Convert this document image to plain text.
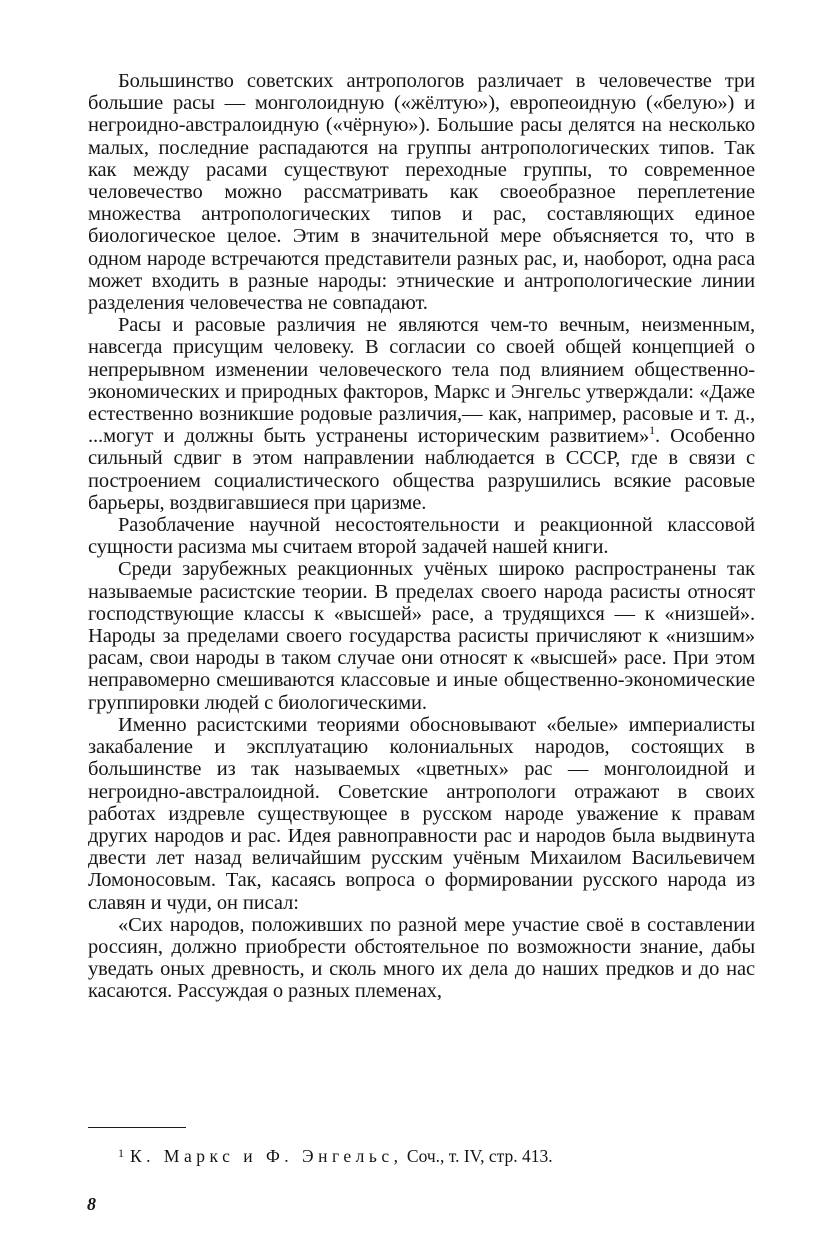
Большинство советских антропологов различает в человечестве три большие расы — монголоидную («жёлтую»), европеоидную («белую») и негроидно-австралоидную («чёрную»). Большие расы делятся на несколько малых, последние распадаются на группы антропологических типов. Так как между расами существуют переходные группы, то современное человечество можно рассматривать как своеобразное переплетение множества антропологических типов и рас, составляющих единое биологическое целое. Этим в значительной мере объясняется то, что в одном народе встречаются представители разных рас, и, наоборот, одна раса может входить в разные народы: этнические и антропологические линии разделения человечества не совпадают.

Расы и расовые различия не являются чем-то вечным, неизменным, навсегда присущим человеку. В согласии со своей общей концепцией о непрерывном изменении человеческого тела под влиянием общественно-экономических и природных факторов, Маркс и Энгельс утверждали: «Даже естественно возникшие родовые различия,— как, например, расовые и т. д., ...могут и должны быть устранены историческим развитием»$^1$. Особенно сильный сдвиг в этом направлении наблюдается в СССР, где в связи с построением социалистического общества разрушились всякие расовые барьеры, воздвигавшиеся при царизме.

Разоблачение научной несостоятельности и реакционной классовой сущности расизма мы считаем второй задачей нашей книги.

Среди зарубежных реакционных учёных широко распространены так называемые расистские теории. В пределах своего народа расисты относят господствующие классы к «высшей» расе, а трудящихся — к «низшей». Народы за пределами своего государства расисты причисляют к «низшим» расам, свои народы в таком случае они относят к «высшей» расе. При этом неправомерно смешиваются классовые и иные общественно-экономические группировки людей с биологическими.

Именно расистскими теориями обосновывают «белые» империалисты закабаление и эксплуатацию колониальных народов, состоящих в большинстве из так называемых «цветных» рас — монголоидной и негроидно-австралоидной. Советские антропологи отражают в своих работах издревле существующее в русском народе уважение к правам других народов и рас. Идея равноправности рас и народов была выдвинута двести лет назад величайшим русским учёным Михаилом Васильевичем Ломоносовым. Так, касаясь вопроса о формировании русского народа из славян и чуди, он писал:

«Сих народов, положивших по разной мере участие своё в составлении россиян, должно приобрести обстоятельное по возможности знание, дабы уведать оных древность, и сколь много их дела до наших предков и до нас касаются. Рассуждая о разных племенах,

$^1$ К. Маркс и Ф. Энгельс, Соч., т. IV, стр. 413.

8
